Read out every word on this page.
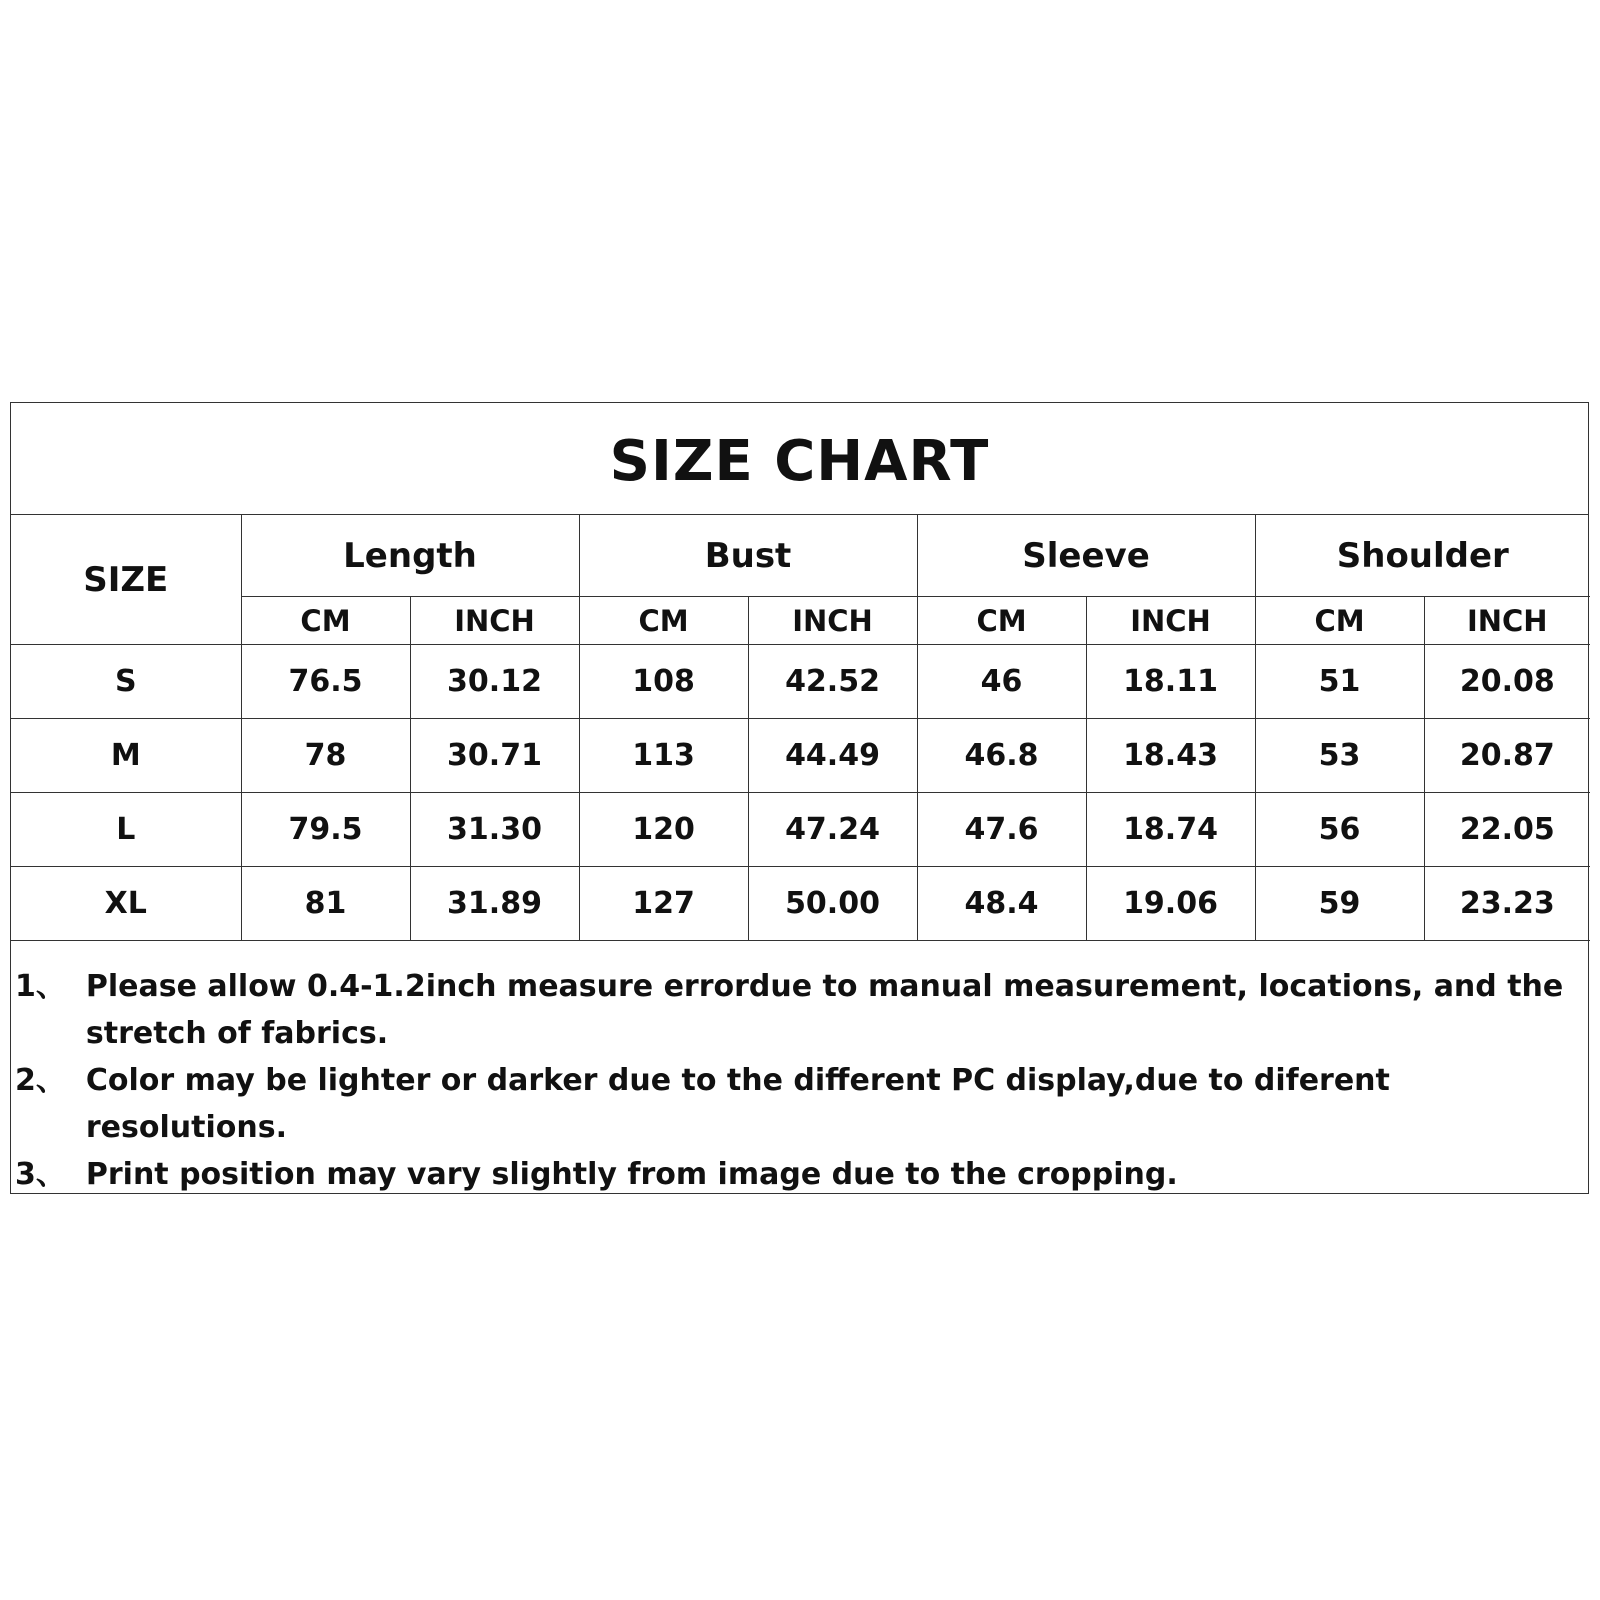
SIZE CHART
SIZE	Length		Bust		Sleeve		Shoulder	
	CM	INCH	CM	INCH	CM	INCH	CM	INCH
S	76.5	30.12	108	42.52	46	18.11	51	20.08
M	78	30.71	113	44.49	46.8	18.43	53	20.87
L	79.5	31.30	120	47.24	47.6	18.74	56	22.05
XL	81	31.89	127	50.00	48.4	19.06	59	23.23
1、 Please allow 0.4-1.2inch measure errordue to manual measurement, locations, and the stretch of fabrics.
2、 Color may be lighter or darker due to the different PC display,due to diferent resolutions.
3、 Print position may vary slightly from image due to the cropping.
